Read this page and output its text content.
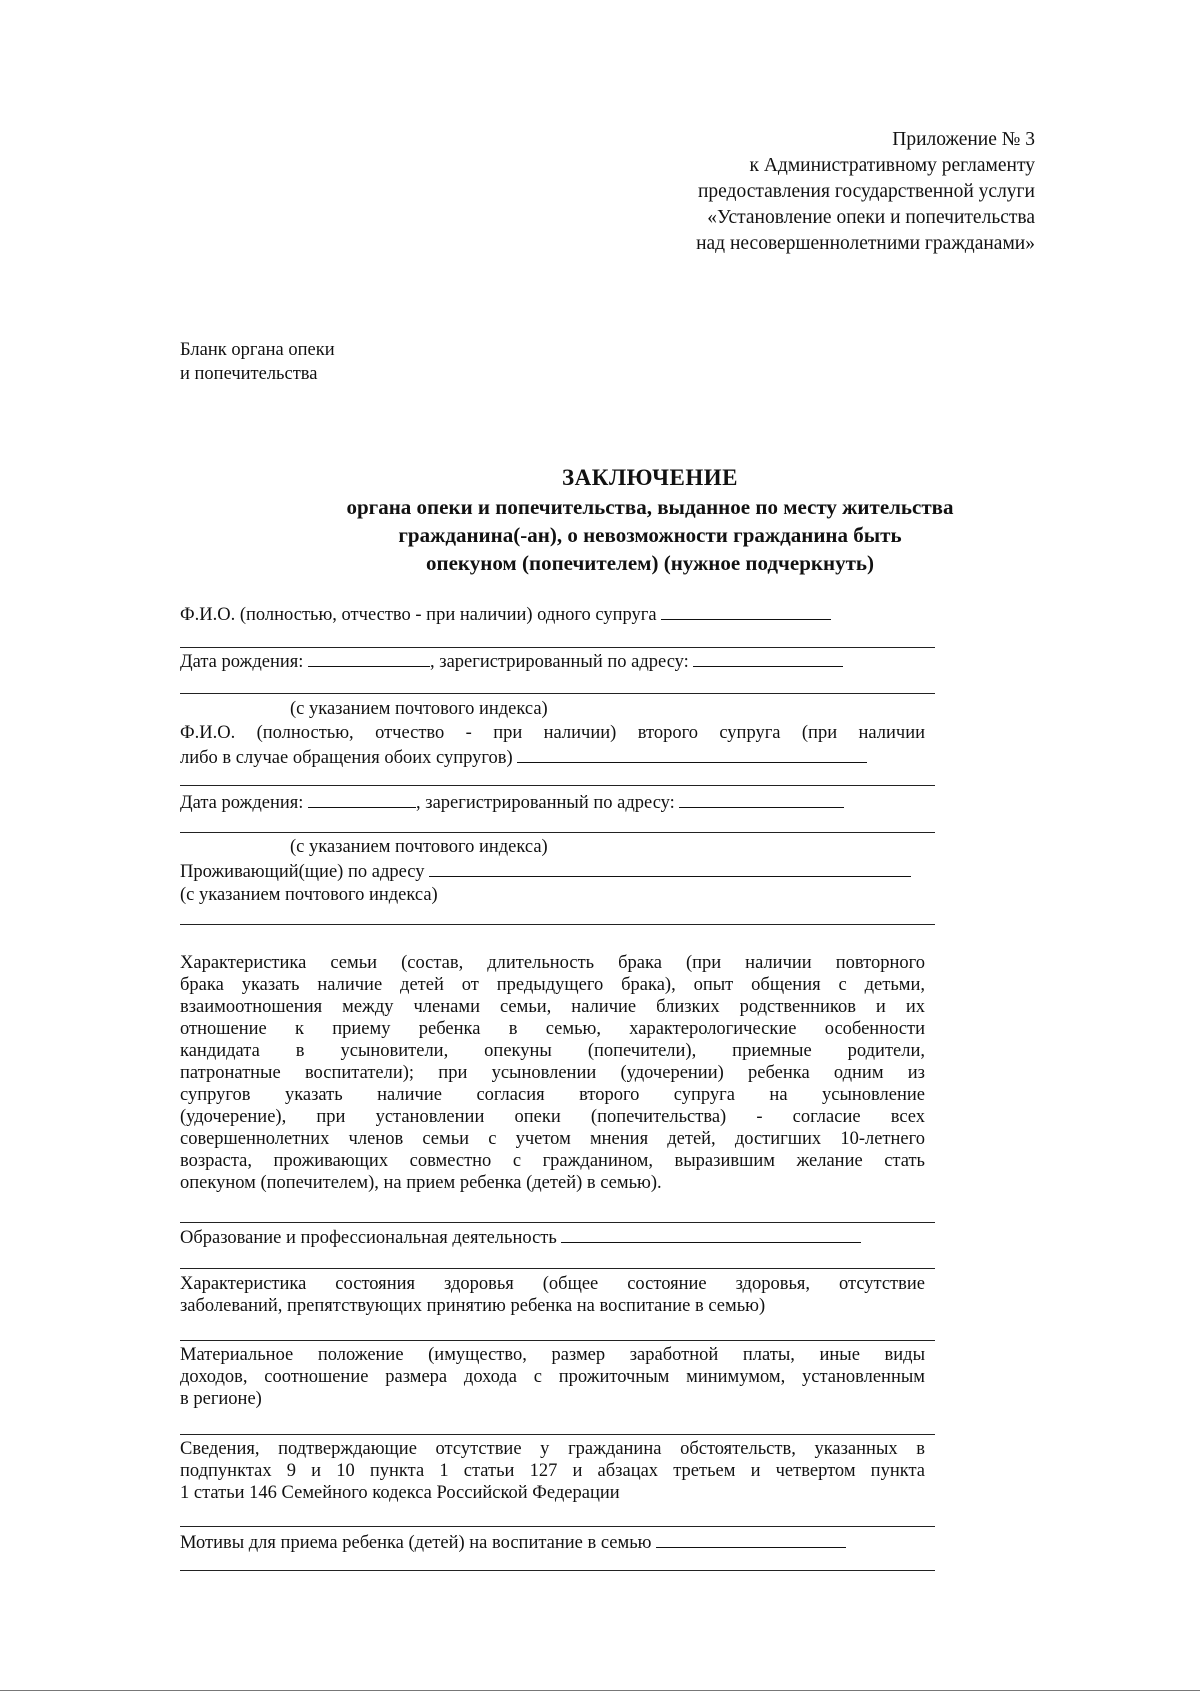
Приложение № 3
к Административному регламенту
предоставления государственной услуги
«Установление опеки и попечительства
над несовершеннолетними гражданами»
Бланк органа опеки
и попечительства
ЗАКЛЮЧЕНИЕ
органа опеки и попечительства, выданное по месту жительства
гражданина(-ан), о невозможности гражданина быть
опекуном (попечителем) (нужное подчеркнуть)
Ф.И.О. (полностью, отчество - при наличии) одного супруга
Дата рождения:	, зарегистрированный по адресу:
(с указанием почтового индекса)
Ф.И.О. (полностью, отчество - при наличии) второго супруга (при наличии
либо в случае обращения обоих супругов)
Дата рождения:	, зарегистрированный по адресу:
(с указанием почтового индекса)
Проживающий(щие) по адресу
(с указанием почтового индекса)
Характеристика семьи (состав, длительность брака (при наличии повторного
брака указать наличие детей от предыдущего брака), опыт общения с детьми,
взаимоотношения между членами семьи, наличие близких родственников и их
отношение к приему ребенка в семью, характерологические особенности
кандидата в усыновители, опекуны (попечители), приемные родители,
патронатные воспитатели); при усыновлении (удочерении) ребенка одним из
супругов указать наличие согласия второго супруга на усыновление
(удочерение), при установлении опеки (попечительства) - согласие всех
совершеннолетних членов семьи с учетом мнения детей, достигших 10-летнего
возраста, проживающих совместно с гражданином, выразившим желание стать
опекуном (попечителем), на прием ребенка (детей) в семью).
Образование и профессиональная деятельность
Характеристика состояния здоровья (общее состояние здоровья, отсутствие
заболеваний, препятствующих принятию ребенка на воспитание в семью)
Материальное положение (имущество, размер заработной платы, иные виды
доходов, соотношение размера дохода с прожиточным минимумом, установленным
в регионе)
Сведения, подтверждающие отсутствие у гражданина обстоятельств, указанных в
подпунктах 9 и 10 пункта 1 статьи 127 и абзацах третьем и четвертом пункта
1 статьи 146 Семейного кодекса Российской Федерации
Мотивы для приема ребенка (детей) на воспитание в семью
